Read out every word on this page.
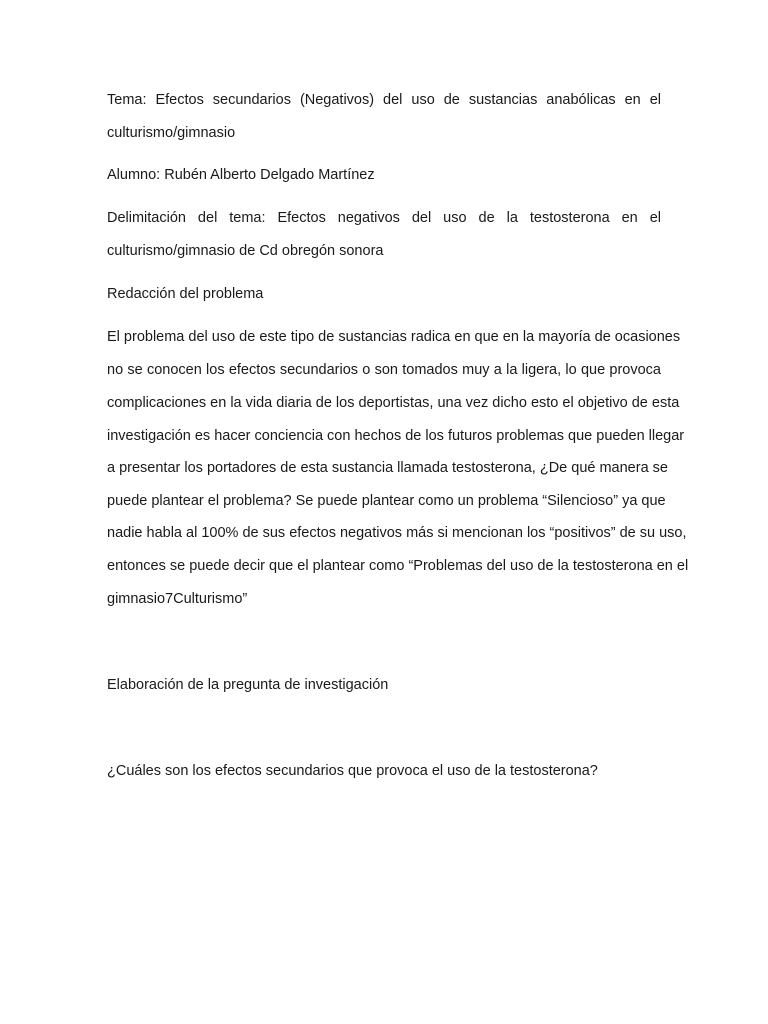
Tema: Efectos secundarios (Negativos) del uso de sustancias anabólicas en el
culturismo/gimnasio
Alumno: Rubén Alberto Delgado Martínez
Delimitación del tema: Efectos negativos del uso de la testosterona en el
culturismo/gimnasio de Cd obregón sonora
Redacción del problema
El problema del uso de este tipo de sustancias radica en que en la mayoría de ocasiones
no se conocen los efectos secundarios o son tomados muy a la ligera, lo que provoca
complicaciones en la vida diaria de los deportistas, una vez dicho esto el objetivo de esta
investigación es hacer conciencia con hechos de los futuros problemas que pueden llegar
a presentar los portadores de esta sustancia llamada testosterona, ¿De qué manera se
puede plantear el problema? Se puede plantear como un problema “Silencioso” ya que
nadie habla al 100% de sus efectos negativos más si mencionan los “positivos” de su uso,
entonces se puede decir que el plantear como “Problemas del uso de la testosterona en el
gimnasio7Culturismo”
Elaboración de la pregunta de investigación
¿Cuáles son los efectos secundarios que provoca el uso de la testosterona?
